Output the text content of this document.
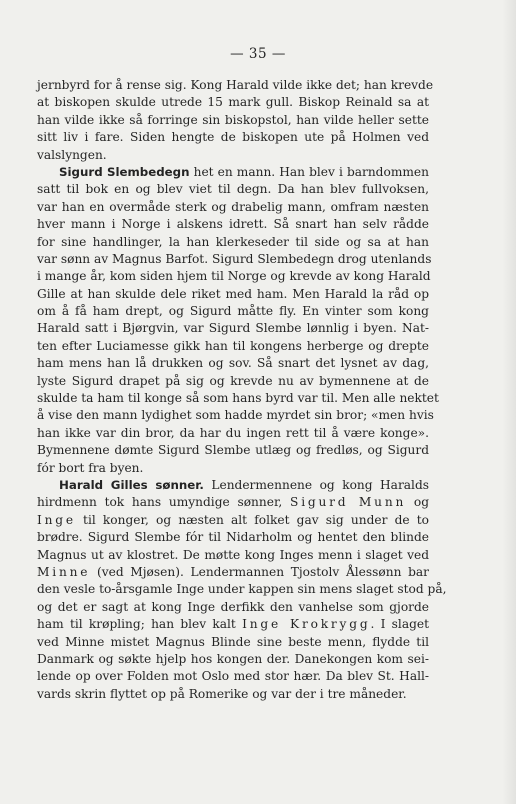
— 35 —
jernbyrd for å rense sig. Kong Harald vilde ikke det; han krevde
at biskopen skulde utrede 15 mark gull. Biskop Reinald sa at
han vilde ikke så forringe sin biskopstol, han vilde heller sette
sitt liv i fare. Siden hengte de biskopen ute på Holmen ved
valslyngen.
Sigurd Slembedegn het en mann. Han blev i barndommen
satt til bok en og blev viet til degn. Da han blev fullvoksen,
var han en overmåde sterk og drabelig mann, omfram næsten
hver mann i Norge i alskens idrett. Så snart han selv rådde
for sine handlinger, la han klerkeseder til side og sa at han
var sønn av Magnus Barfot. Sigurd Slembedegn drog utenlands
i mange år, kom siden hjem til Norge og krevde av kong Harald
Gille at han skulde dele riket med ham. Men Harald la råd op
om å få ham drept, og Sigurd måtte fly. En vinter som kong
Harald satt i Bjørgvin, var Sigurd Slembe lønnlig i byen. Nat-
ten efter Luciamesse gikk han til kongens herberge og drepte
ham mens han lå drukken og sov. Så snart det lysnet av dag,
lyste Sigurd drapet på sig og krevde nu av bymennene at de
skulde ta ham til konge så som hans byrd var til. Men alle nektet
å vise den mann lydighet som hadde myrdet sin bror; «men hvis
han ikke var din bror, da har du ingen rett til å være konge».
Bymennene dømte Sigurd Slembe utlæg og fredløs, og Sigurd
fór bort fra byen.
Harald Gilles sønner. Lendermennene og kong Haralds
hirdmenn tok hans umyndige sønner, Sigurd Munn og
Inge til konger, og næsten alt folket gav sig under de to
brødre. Sigurd Slembe fór til Nidarholm og hentet den blinde
Magnus ut av klostret. De møtte kong Inges menn i slaget ved
Minne (ved Mjøsen). Lendermannen Tjostolv Ålessønn bar
den vesle to-årsgamle Inge under kappen sin mens slaget stod på,
og det er sagt at kong Inge derfikk den vanhelse som gjorde
ham til krøpling; han blev kalt Inge Krokrygg. I slaget
ved Minne mistet Magnus Blinde sine beste menn, flydde til
Danmark og søkte hjelp hos kongen der. Danekongen kom sei-
lende op over Folden mot Oslo med stor hær. Da blev St. Hall-
vards skrin flyttet op på Romerike og var der i tre måneder.
